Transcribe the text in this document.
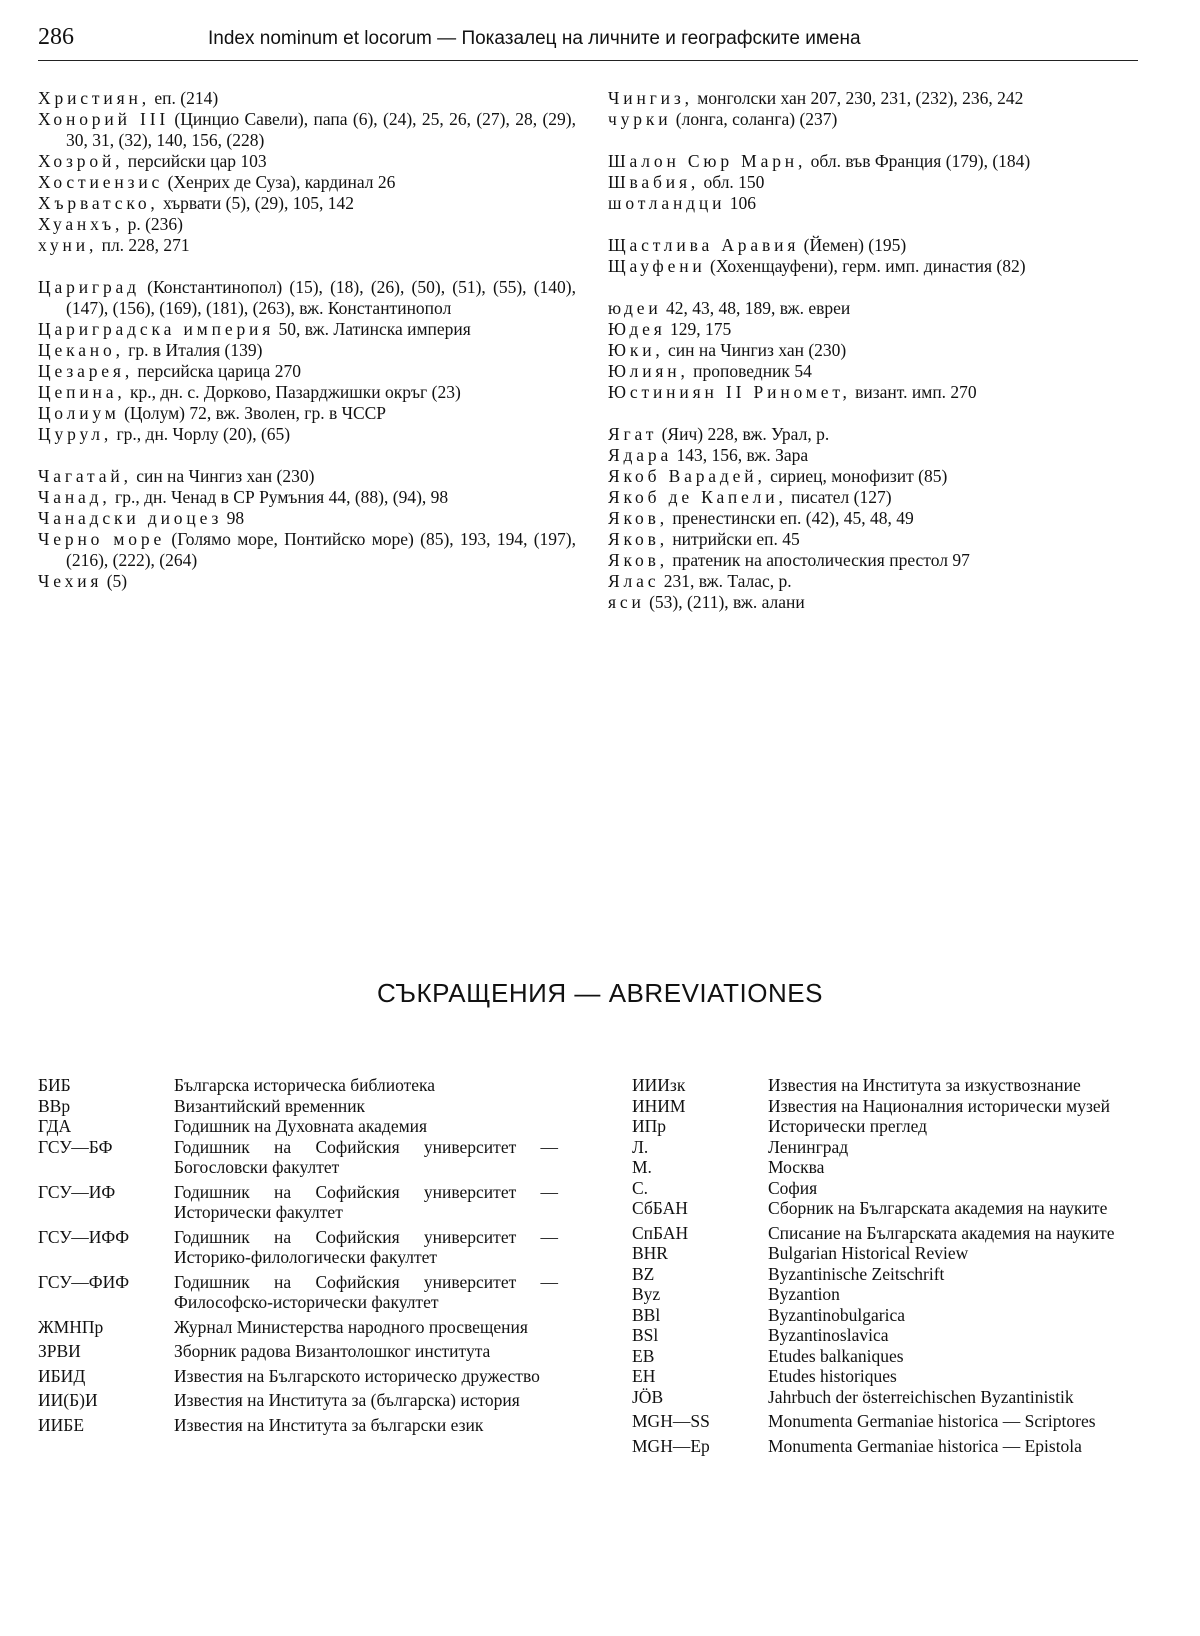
286	Index nominum et locorum — Показалец на личните и географските имена
Християн, еп. (214)
Хонорий III (Цинцио Савели), папа (6), (24), 25, 26, (27), 28, (29), 30, 31, (32), 140, 156, (228)
Хозрой, персийски цар 103
Хостиензис (Хенрих де Суза), кардинал 26
Хърватско, хървати (5), (29), 105, 142
Хуанхъ, р. (236)
хуни, пл. 228, 271
Цариград (Константинопол) (15), (18), (26), (50), (51), (55), (140), (147), (156), (169), (181), (263), вж. Константинопол
Цариградска империя 50, вж. Латинска империя
Цекано, гр. в Италия (139)
Цезарея, персийска царица 270
Цепина, кр., дн. с. Дорково, Пазарджишки окръг (23)
Цолиум (Цолум) 72, вж. Зволен, гр. в ЧССР
Цурул, гр., дн. Чорлу (20), (65)
Чагатай, син на Чингиз хан (230)
Чанад, гр., дн. Ченад в СР Румъния 44, (88), (94), 98
Чанадски диоцез 98
Черно море (Голямо море, Понтийско море) (85), 193, 194, (197), (216), (222), (264)
Чехия (5)
Чингиз, монголски хан 207, 230, 231, (232), 236, 242
чурки (лонга, соланга) (237)
Шалон Сюр Марн, обл. във Франция (179), (184)
Швабия, обл. 150
шотландци 106
Щастлива Аравия (Йемен) (195)
Щауфени (Хохенщауфени), герм. имп. династия (82)
юдеи 42, 43, 48, 189, вж. евреи
Юдея 129, 175
Юки, син на Чингиз хан (230)
Юлиян, проповедник 54
Юстиниян II Риномет, визант. имп. 270
Ягат (Яич) 228, вж. Урал, р.
Ядара 143, 156, вж. Зара
Якоб Варадей, сириец, монофизит (85)
Якоб де Капели, писател (127)
Яков, пренестински еп. (42), 45, 48, 49
Яков, нитрийски еп. 45
Яков, пратеник на апостолическия престол 97
Ялас 231, вж. Талас, р.
яси (53), (211), вж. алани
СЪКРАЩЕНИЯ — ABREVIATIONES
БИБ	Българска историческа библиотека
ВВр	Византийский временник
ГДА	Годишник на Духовната академия
ГСУ—БФ	Годишник на Софийския университет — Богословски факултет
ГСУ—ИФ	Годишник на Софийския университет — Исторически факултет
ГСУ—ИФФ	Годишник на Софийския университет — Историко-филологически факултет
ГСУ—ФИФ	Годишник на Софийския университет — Философско-исторически факултет
ЖМНПр	Журнал Министерства народного просвещения
ЗРВИ	Зборник радова Византолошког института
ИБИД	Известия на Българското историческо дружество
ИИ(Б)И	Известия на Института за (българска) история
ИИБЕ	Известия на Института за български език
ИИИзк	Известия на Института за изкуствознание
ИНИМ	Известия на Националния исторически музей
ИПр	Исторически преглед
Л.	Ленинград
М.	Москва
С.	София
СбБАН	Сборник на Българската академия на науките
СпБАН	Списание на Българската академия на науките
BHR	Bulgarian Historical Review
BZ	Byzantinische Zeitschrift
Byz	Byzantion
BBl	Byzantinobulgarica
BSl	Byzantinoslavica
EB	Etudes balkaniques
EH	Etudes historiques
JÖB	Jahrbuch der österreichischen Byzantinistik
MGH—SS	Monumenta Germaniae historica — Scriptores
MGH—Ep	Monumenta Germaniae historica — Epistola
